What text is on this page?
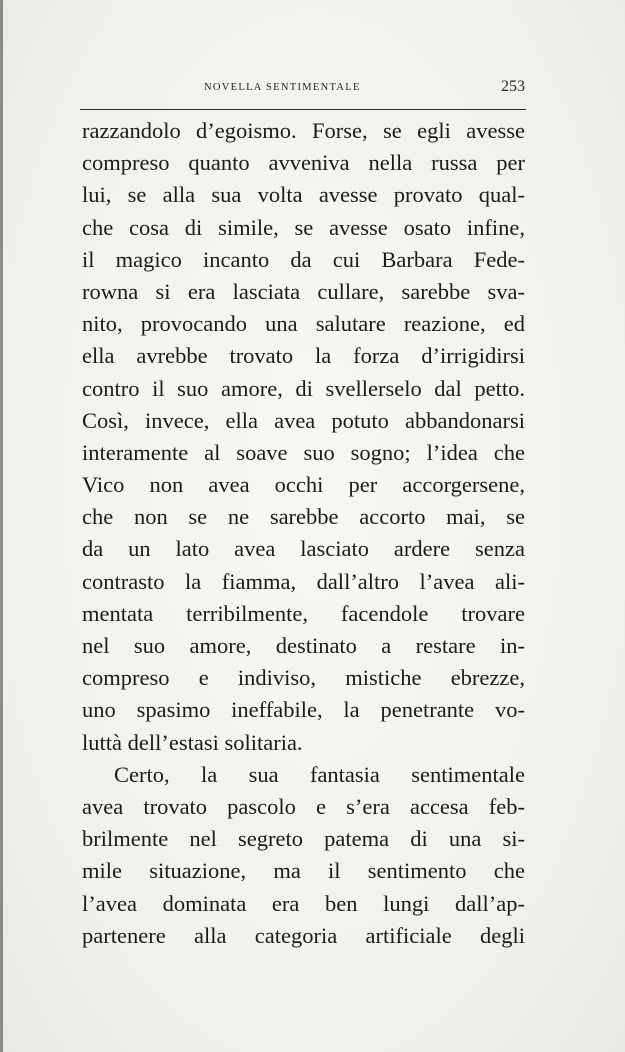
NOVELLA SENTIMENTALE	253
razzandolo d’egoismo. Forse, se egli avesse
compreso quanto avveniva nella russa per
lui, se alla sua volta avesse provato qual-
che cosa di simile, se avesse osato infine,
il magico incanto da cui Barbara Fede-
rowna si era lasciata cullare, sarebbe sva-
nito, provocando una salutare reazione, ed
ella avrebbe trovato la forza d’irrigidirsi
contro il suo amore, di svellerselo dal petto.
Così, invece, ella avea potuto abbandonarsi
interamente al soave suo sogno; l’idea che
Vico non avea occhi per accorgersene,
che non se ne sarebbe accorto mai, se
da un lato avea lasciato ardere senza
contrasto la fiamma, dall’altro l’avea ali-
mentata terribilmente, facendole trovare
nel suo amore, destinato a restare in-
compreso e indiviso, mistiche ebrezze,
uno spasimo ineffabile, la penetrante vo-
luttà dell’estasi solitaria.
Certo, la sua fantasia sentimentale
avea trovato pascolo e s’era accesa feb-
brilmente nel segreto patema di una si-
mile situazione, ma il sentimento che
l’avea dominata era ben lungi dall’ap-
partenere alla categoria artificiale degli
